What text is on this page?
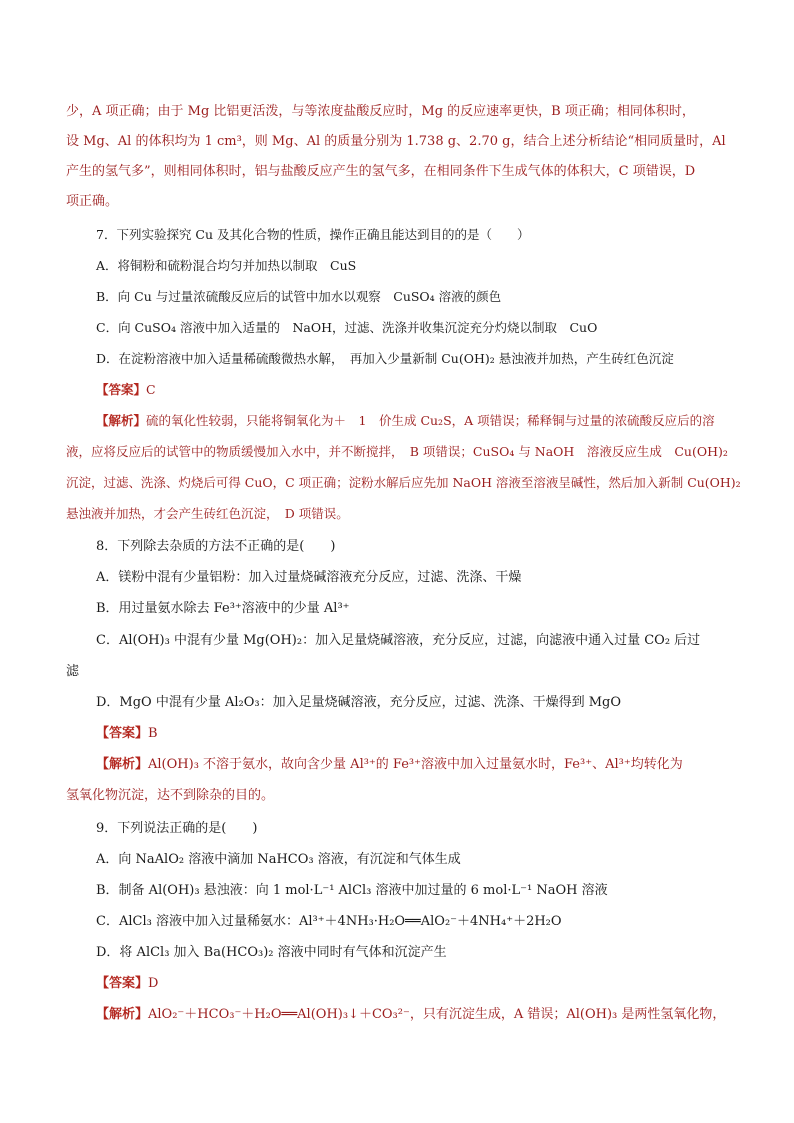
少，A 项正确；由于 Mg 比铝更活泼，与等浓度盐酸反应时，Mg 的反应速率更快，B 项正确；相同体积时，
设 Mg、Al 的体积均为 1 cm³，则 Mg、Al 的质量分别为 1.738 g、2.70 g，结合上述分析结论“相同质量时，Al
产生的氢气多”，则相同体积时，铝与盐酸反应产生的氢气多，在相同条件下生成气体的体积大，C 项错误，D
项正确。
7．下列实验探究 Cu 及其化合物的性质，操作正确且能达到目的的是（　　）
A．将铜粉和硫粉混合均匀并加热以制取　CuS
B．向 Cu 与过量浓硫酸反应后的试管中加水以观察　CuSO₄ 溶液的颜色
C．向 CuSO₄ 溶液中加入适量的　NaOH，过滤、洗涤并收集沉淀充分灼烧以制取　CuO
D．在淀粉溶液中加入适量稀硫酸微热水解，　再加入少量新制 Cu(OH)₂ 悬浊液并加热，产生砖红色沉淀
【答案】C
【解析】硫的氧化性较弱，只能将铜氧化为＋　1　价生成 Cu₂S，A 项错误；稀释铜与过量的浓硫酸反应后的溶
液，应将反应后的试管中的物质缓慢加入水中，并不断搅拌，　B 项错误；CuSO₄ 与 NaOH　溶液反应生成　Cu(OH)₂
沉淀，过滤、洗涤、灼烧后可得 CuO，C 项正确；淀粉水解后应先加 NaOH 溶液至溶液呈碱性，然后加入新制 Cu(OH)₂
悬浊液并加热，才会产生砖红色沉淀，　D 项错误。
8．下列除去杂质的方法不正确的是(　　)
A．镁粉中混有少量铝粉：加入过量烧碱溶液充分反应，过滤、洗涤、干燥
B．用过量氨水除去 Fe³⁺溶液中的少量 Al³⁺
C．Al(OH)₃ 中混有少量 Mg(OH)₂：加入足量烧碱溶液，充分反应，过滤，向滤液中通入过量 CO₂ 后过
滤
D．MgO 中混有少量 Al₂O₃：加入足量烧碱溶液，充分反应，过滤、洗涤、干燥得到 MgO
【答案】B
【解析】Al(OH)₃ 不溶于氨水，故向含少量 Al³⁺的 Fe³⁺溶液中加入过量氨水时，Fe³⁺、Al³⁺均转化为
氢氧化物沉淀，达不到除杂的目的。
9．下列说法正确的是(　　)
A．向 NaAlO₂ 溶液中滴加 NaHCO₃ 溶液，有沉淀和气体生成
B．制备 Al(OH)₃ 悬浊液：向 1 mol·L⁻¹ AlCl₃ 溶液中加过量的 6 mol·L⁻¹ NaOH 溶液
C．AlCl₃ 溶液中加入过量稀氨水：Al³⁺＋4NH₃·H₂O══AlO₂⁻＋4NH₄⁺＋2H₂O
D．将 AlCl₃ 加入 Ba(HCO₃)₂ 溶液中同时有气体和沉淀产生
【答案】D
【解析】AlO₂⁻＋HCO₃⁻＋H₂O══Al(OH)₃↓＋CO₃²⁻，只有沉淀生成，A 错误；Al(OH)₃ 是两性氢氧化物，
